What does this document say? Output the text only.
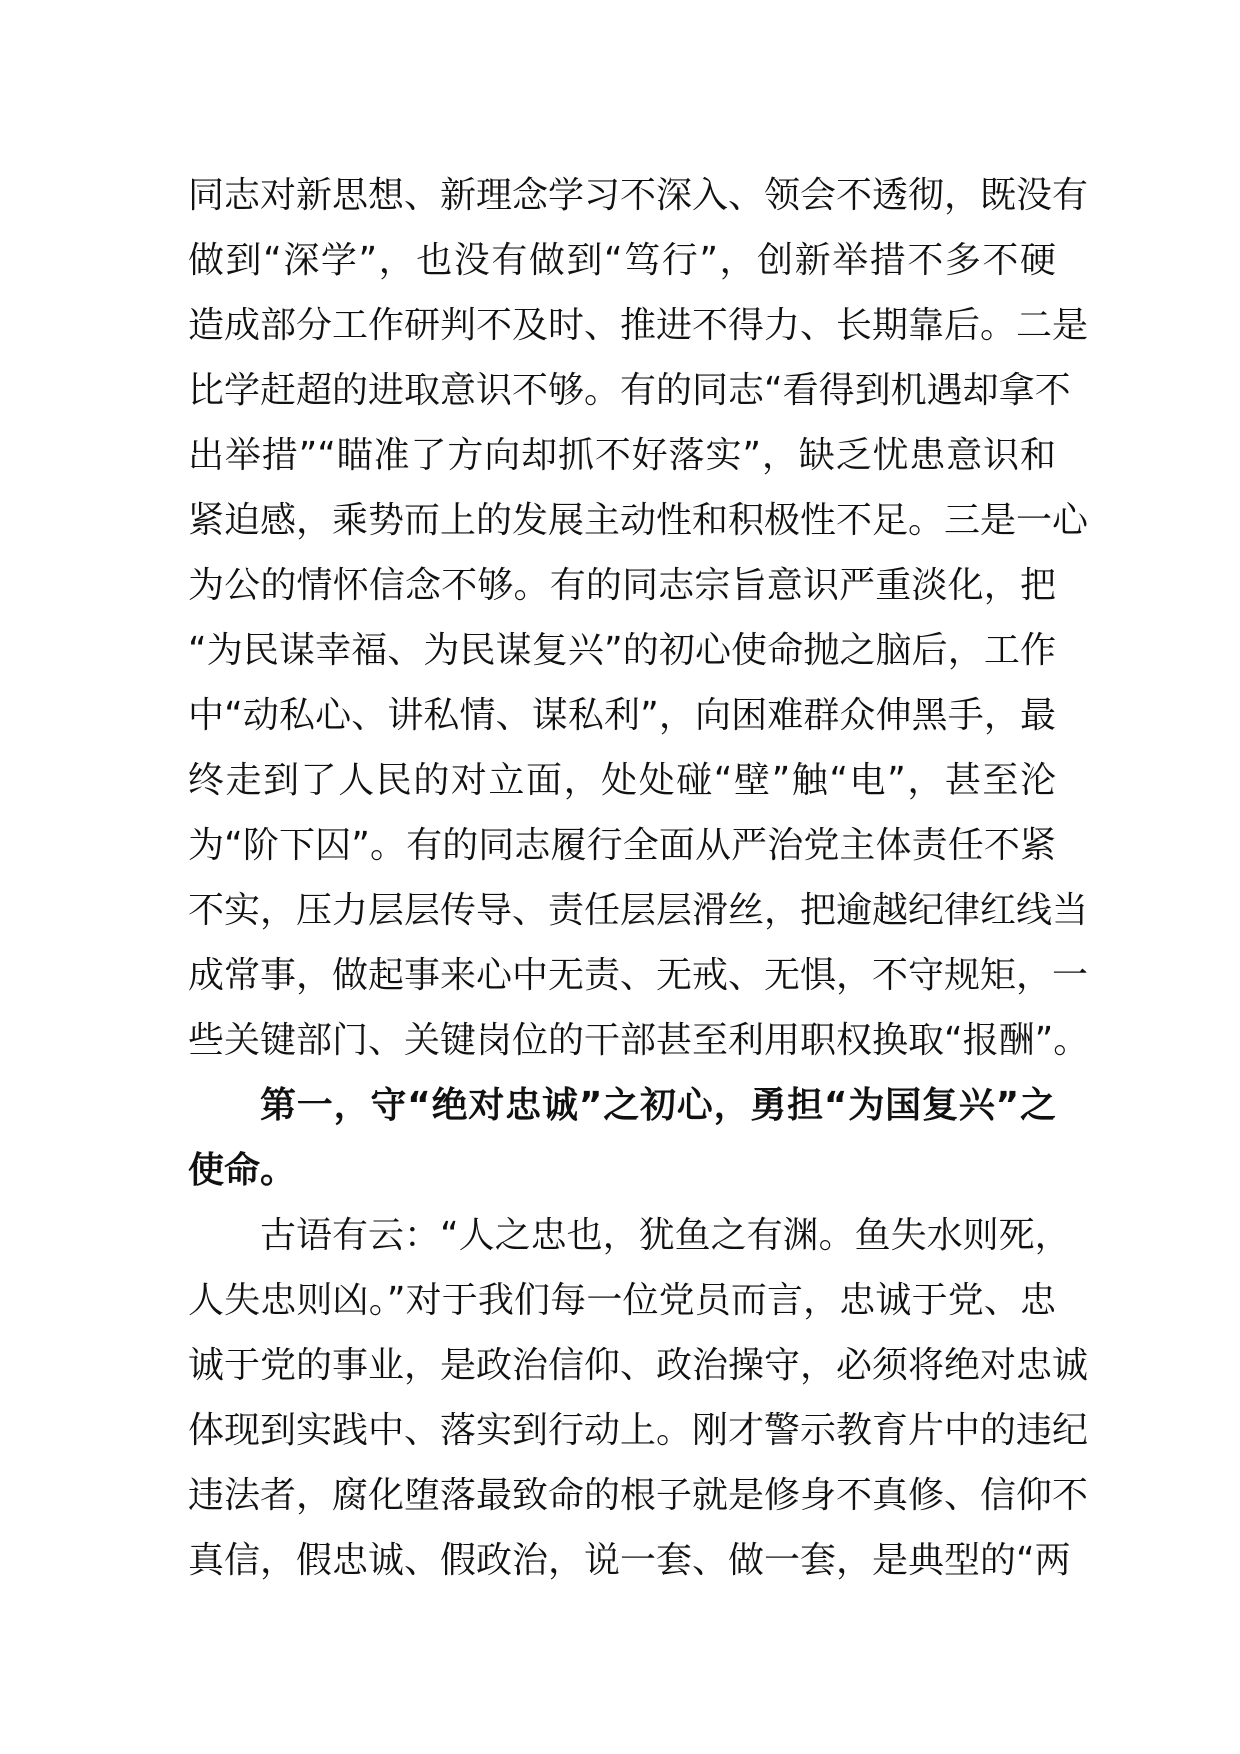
同志对新思想、新理念学习不深入、领会不透彻，既没有
做到“深学”，也没有做到“笃行”，创新举措不多不硬
造成部分工作研判不及时、推进不得力、长期靠后。二是
比学赶超的进取意识不够。有的同志“看得到机遇却拿不
出举措”“瞄准了方向却抓不好落实”，缺乏忧患意识和
紧迫感，乘势而上的发展主动性和积极性不足。三是一心
为公的情怀信念不够。有的同志宗旨意识严重淡化，把
“为民谋幸福、为民谋复兴”的初心使命抛之脑后，工作
中“动私心、讲私情、谋私利”，向困难群众伸黑手，最
终走到了人民的对立面，处处碰“壁”触“电”，甚至沦
为“阶下囚”。有的同志履行全面从严治党主体责任不紧
不实，压力层层传导、责任层层滑丝，把逾越纪律红线当
成常事，做起事来心中无责、无戒、无惧，不守规矩，一
些关键部门、关键岗位的干部甚至利用职权换取“报酬”。
第一，守“绝对忠诚”之初心，勇担“为国复兴”之
使命。
古语有云：“人之忠也，犹鱼之有渊。鱼失水则死，
人失忠则凶。”对于我们每一位党员而言，忠诚于党、忠
诚于党的事业，是政治信仰、政治操守，必须将绝对忠诚
体现到实践中、落实到行动上。刚才警示教育片中的违纪
违法者，腐化堕落最致命的根子就是修身不真修、信仰不
真信，假忠诚、假政治，说一套、做一套，是典型的“两
